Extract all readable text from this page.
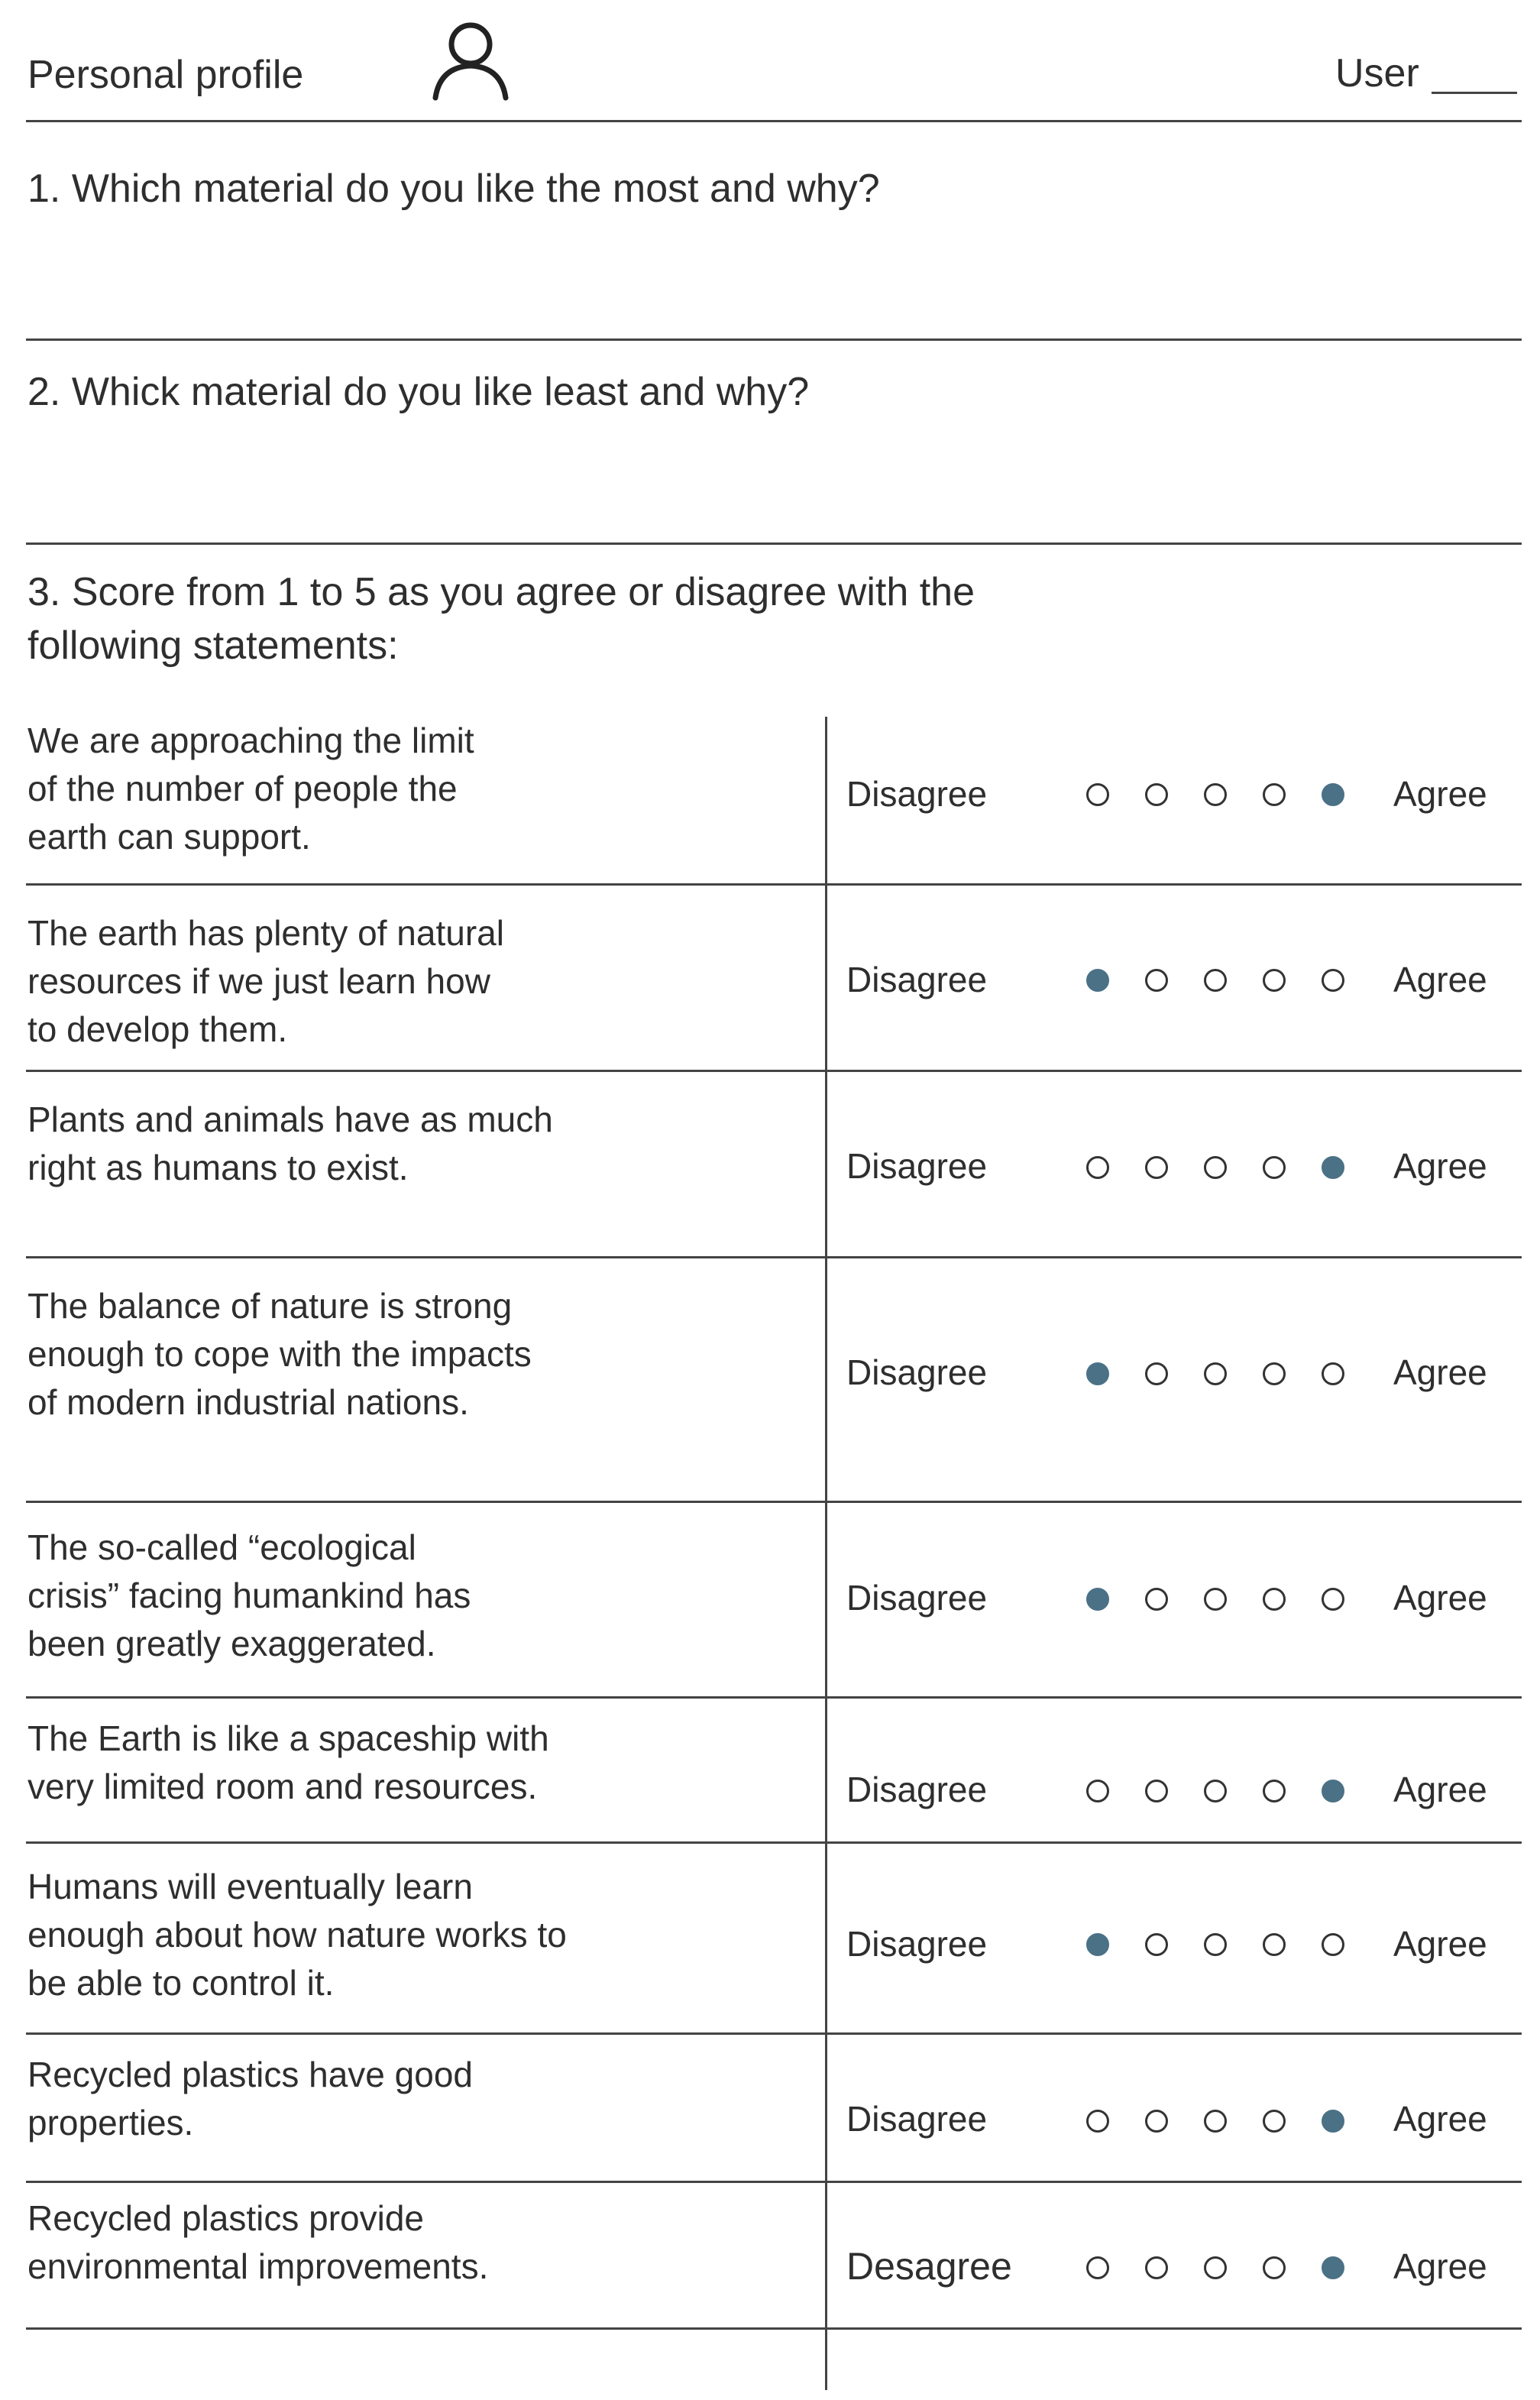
Personal profile	User
1. Which material do you like the most and why?
2. Whick material do you like least and why?
3. Score from 1 to 5 as you agree or disagree with the
following statements:
We are approaching the limit
of the number of people the
earth can support.
Disagree	Agree
The earth has plenty of natural
resources if we just learn how
to develop them.
Disagree	Agree
Plants and animals have as much
right as humans to exist.	Disagree	Agree
The balance of nature is strong
enough to cope with the impacts
of modern industrial nations.
Disagree	Agree
The so-called “ecological
crisis” facing humankind has
been greatly exaggerated.
Disagree	Agree
The Earth is like a spaceship with
very limited room and resources.	Disagree	Agree
Humans will eventually learn
enough about how nature works to
be able to control it.
Disagree	Agree
Recycled plastics have good
properties.	Disagree	Agree
Recycled plastics provide
environmental improvements.	Desagree	Agree
